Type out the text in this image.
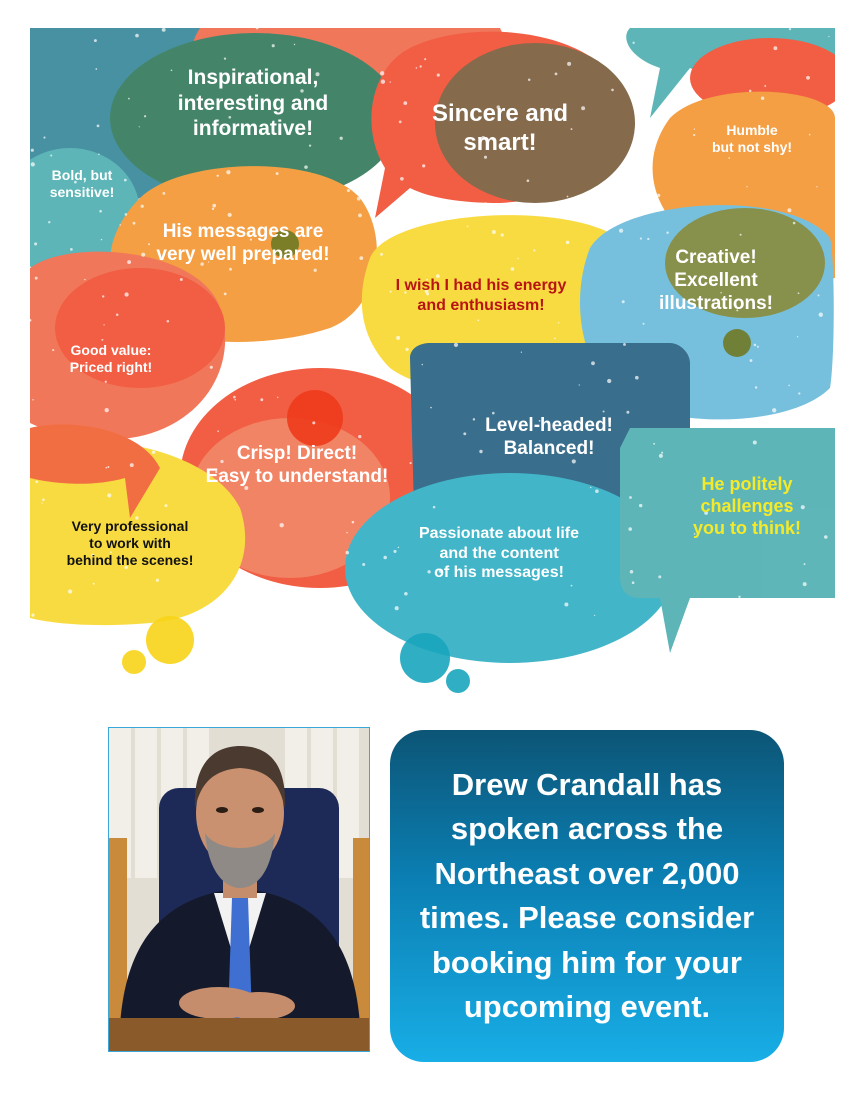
Inspirational,
interesting and
informative!
Sincere and
smart!	Humble
but not shy!
Bold, but
sensitive!
His messages are
very well prepared!
I wish I had his energy
and enthusiasm!
Creative!
Excellent
illustrations!
Good value:
Priced right!
Crisp! Direct!
Easy to understand!
Level-headed!
Balanced!
He politely
challenges
you to think!
Very professional
to work with
behind the scenes!
Passionate about life
and the content
of his messages!
Drew Crandall has
spoken across the
Northeast over 2,000
times. Please consider
booking him for your
upcoming event.
